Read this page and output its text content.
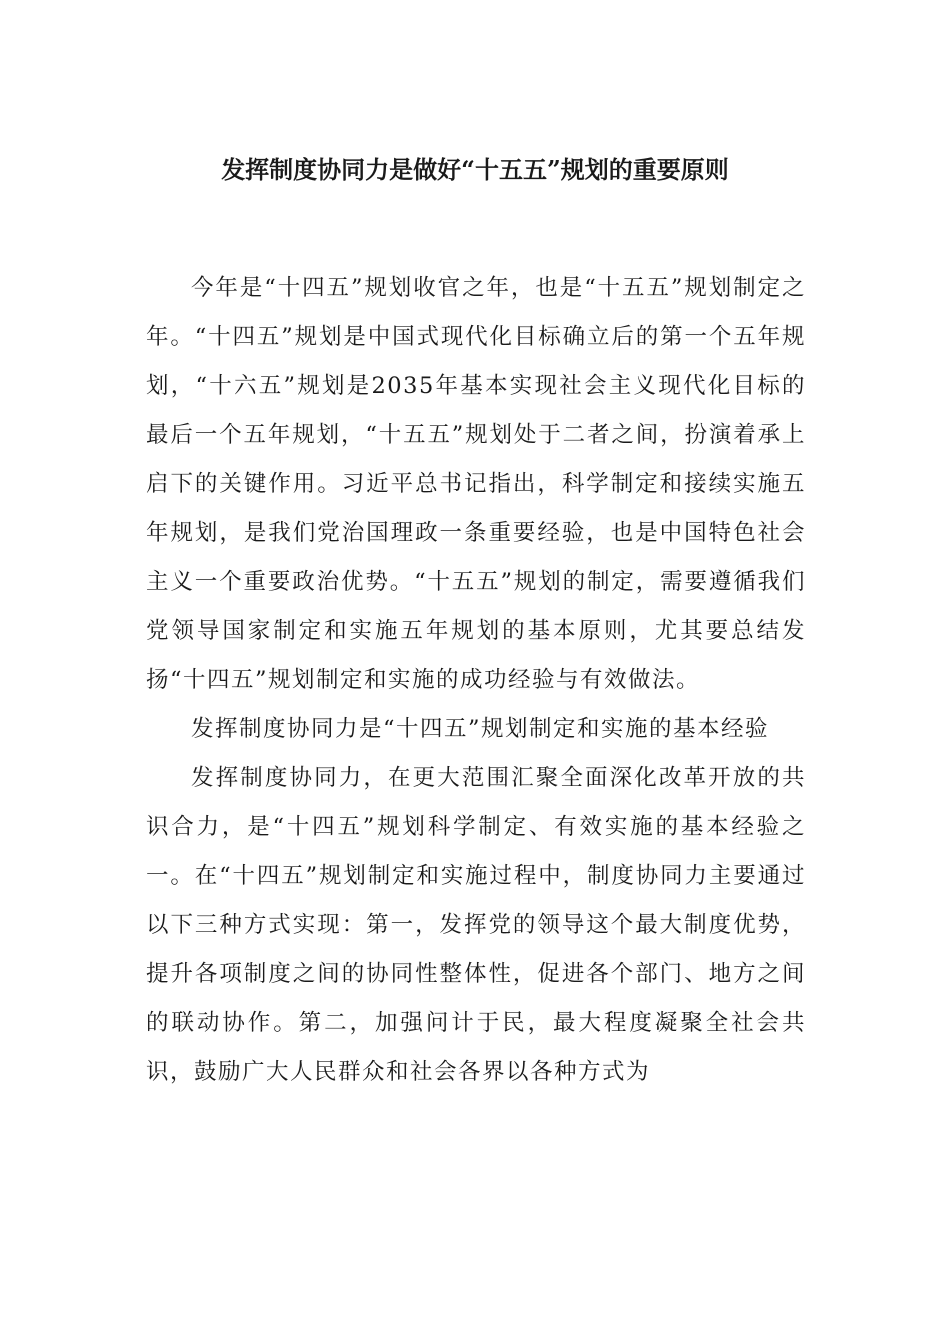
发挥制度协同力是做好“十五五”规划的重要原则

今年是“十四五”规划收官之年，也是“十五五”规划制定之年。“十四五”规划是中国式现代化目标确立后的第一个五年规划，“十六五”规划是2035年基本实现社会主义现代化目标的最后一个五年规划，“十五五”规划处于二者之间，扮演着承上启下的关键作用。习近平总书记指出，科学制定和接续实施五年规划，是我们党治国理政一条重要经验，也是中国特色社会主义一个重要政治优势。“十五五”规划的制定，需要遵循我们党领导国家制定和实施五年规划的基本原则，尤其要总结发扬“十四五”规划制定和实施的成功经验与有效做法。

发挥制度协同力是“十四五”规划制定和实施的基本经验

发挥制度协同力，在更大范围汇聚全面深化改革开放的共识合力，是“十四五”规划科学制定、有效实施的基本经验之一。在“十四五”规划制定和实施过程中，制度协同力主要通过以下三种方式实现：第一，发挥党的领导这个最大制度优势，提升各项制度之间的协同性整体性，促进各个部门、地方之间的联动协作。第二，加强问计于民，最大程度凝聚全社会共识，鼓励广大人民群众和社会各界以各种方式为
